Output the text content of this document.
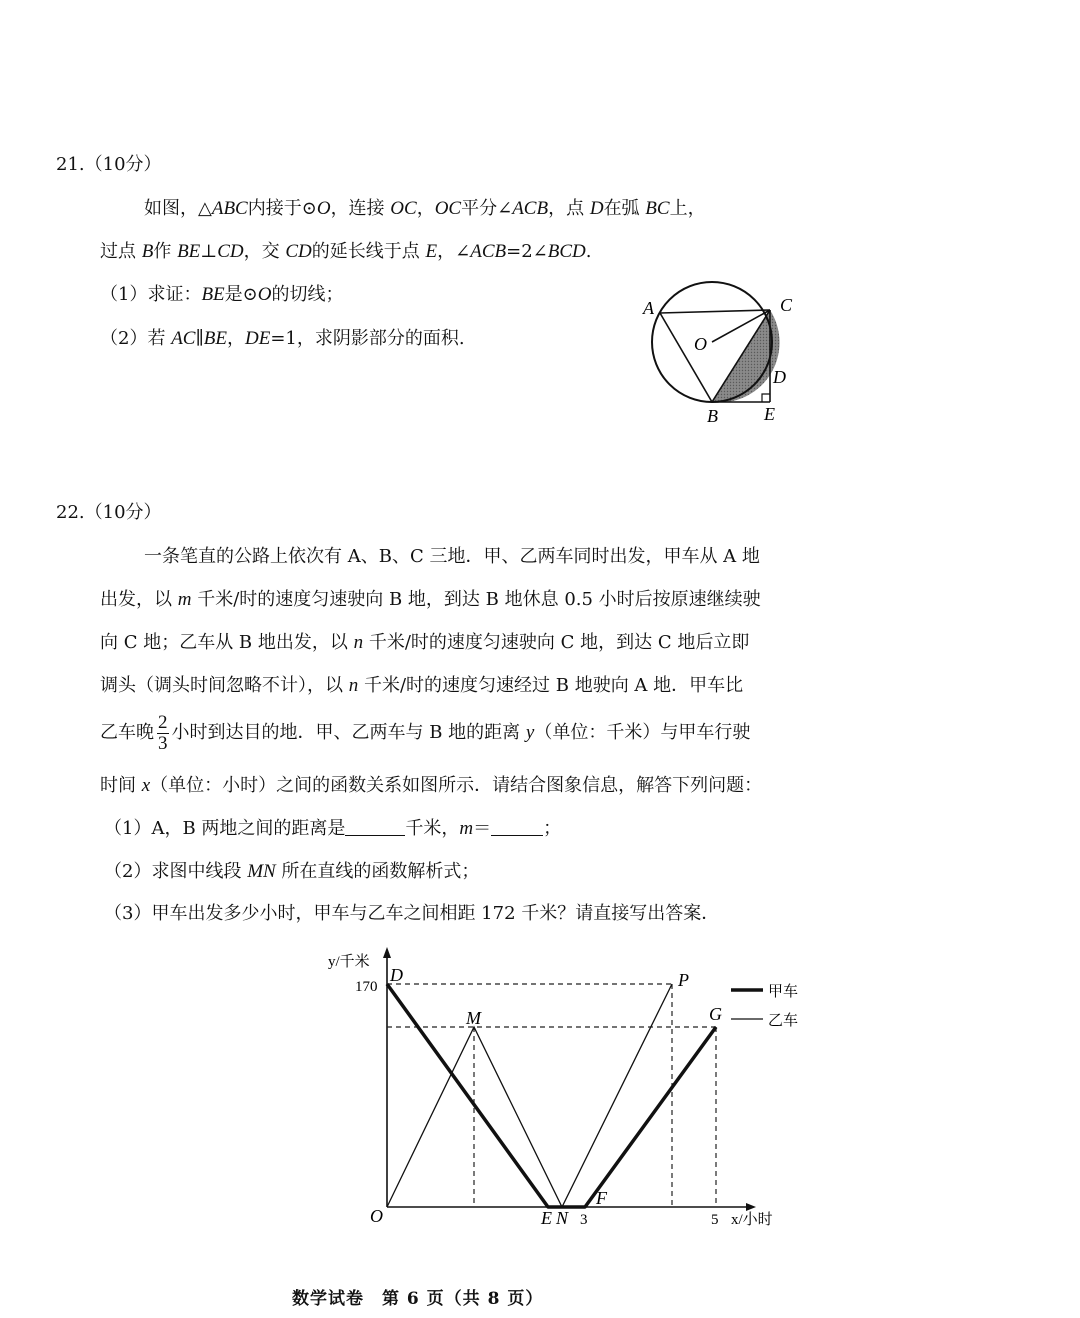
21.（10分）
如图，△ABC内接于⊙O，连接 OC，OC平分∠ACB，点 D在弧 BC上，
过点 B作 BE⊥CD，交 CD的延长线于点 E，∠ACB=2∠BCD.
（1）求证：BE是⊙O的切线；
（2）若 AC∥BE，DE=1，求阴影部分的面积.
A	C
O
D
B	E
22.（10分）
一条笔直的公路上依次有 A、B、C 三地．甲、乙两车同时出发，甲车从 A 地
出发，以 m 千米/时的速度匀速驶向 B 地，到达 B 地休息 0.5 小时后按原速继续驶
向 C 地；乙车从 B 地出发，以 n 千米/时的速度匀速驶向 C 地，到达 C 地后立即
调头（调头时间忽略不计），以 n 千米/时的速度匀速经过 B 地驶向 A 地．甲车比
乙车晚 $\frac{2}{3}$ 小时到达目的地．甲、乙两车与 B 地的距离 y（单位：千米）与甲车行驶
时间 x（单位：小时）之间的函数关系如图所示．请结合图象信息，解答下列问题：
（1）A，B 两地之间的距离是	千米，m＝	；
（2）求图中线段 MN 所在直线的函数解析式；
（3）甲车出发多少小时，甲车与乙车之间相距 172 千米？请直接写出答案．
y/千米
170
D
M
P
G
O	E N 3
F
5 x/小时
甲车
乙车
数学试卷　第 6 页（共 8 页）
